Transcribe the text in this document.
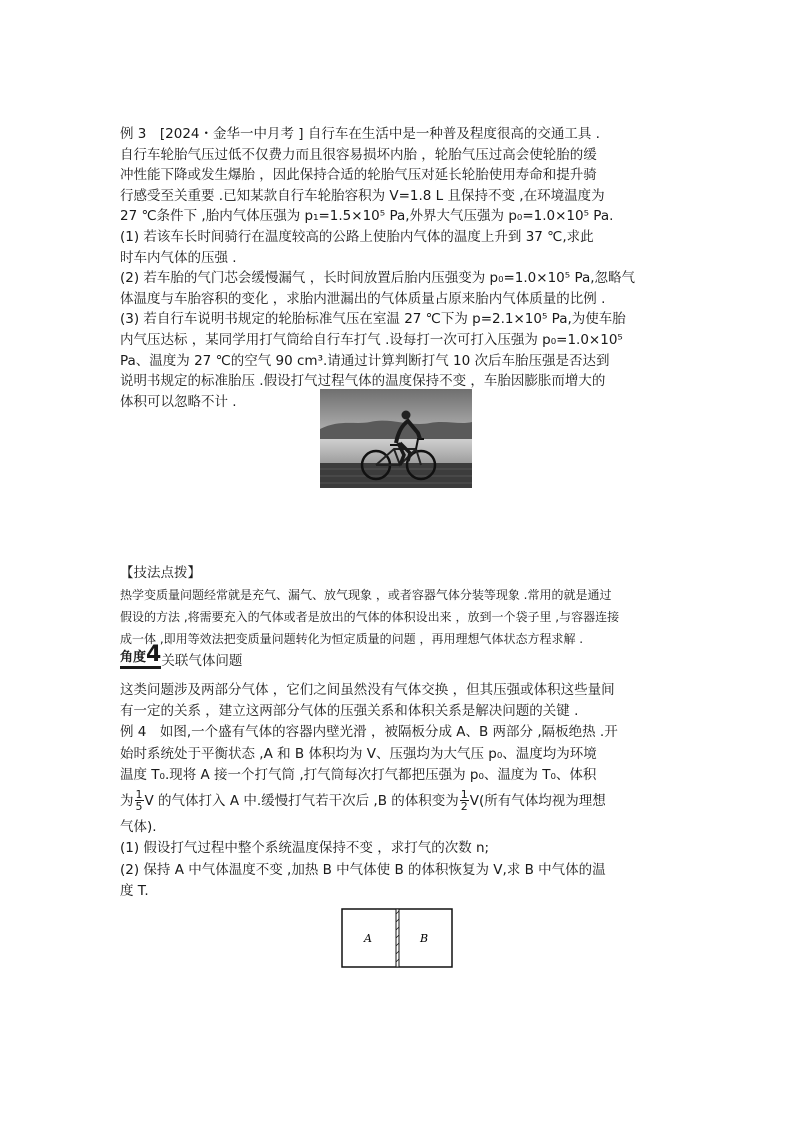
例 3　[2024・金华一中月考 ] 自行车在生活中是一种普及程度很高的交通工具 .

自行车轮胎气压过低不仅费力而且很容易损坏内胎 ，轮胎气压过高会使轮胎的缓

冲性能下降或发生爆胎 ，因此保持合适的轮胎气压对延长轮胎使用寿命和提升骑

行感受至关重要 .已知某款自行车轮胎容积为 V=1.8 L 且保持不变 ,在环境温度为

27 ℃条件下 ,胎内气体压强为 p₁=1.5×10⁵ Pa,外界大气压强为 p₀=1.0×10⁵ Pa.

(1) 若该车长时间骑行在温度较高的公路上使胎内气体的温度上升到 37 ℃,求此

时车内气体的压强 .

(2) 若车胎的气门芯会缓慢漏气 ，长时间放置后胎内压强变为 p₀=1.0×10⁵ Pa,忽略气

体温度与车胎容积的变化 ，求胎内泄漏出的气体质量占原来胎内气体质量的比例 .

(3) 若自行车说明书规定的轮胎标准气压在室温 27 ℃下为 p=2.1×10⁵ Pa,为使车胎

内气压达标 ，某同学用打气筒给自行车打气 .设每打一次可打入压强为 p₀=1.0×10⁵

Pa、温度为 27 ℃的空气 90 cm³.请通过计算判断打气 10 次后车胎压强是否达到

说明书规定的标准胎压 .假设打气过程气体的温度保持不变 ，车胎因膨胀而增大的

体积可以忽略不计 .

【技法点拨】

热学变质量问题经常就是充气、漏气、放气现象 ，或者容器气体分装等现象 .常用的就是通过

假设的方法 ,将需要充入的气体或者是放出的气体的体积设出来 ，放到一个袋子里 ,与容器连接

成一体 ,即用等效法把变质量问题转化为恒定质量的问题 ，再用理想气体状态方程求解 .

角度4关联气体问题

这类问题涉及两部分气体 ，它们之间虽然没有气体交换 ，但其压强或体积这些量间

有一定的关系 ，建立这两部分气体的压强关系和体积关系是解决问题的关键 .

例 4　如图,一个盛有气体的容器内壁光滑 ，被隔板分成 A、B 两部分 ,隔板绝热 .开

始时系统处于平衡状态 ,A 和 B 体积均为 V、压强均为大气压 p₀、温度均为环境

温度 T₀.现将 A 接一个打气筒 ,打气筒每次打气都把压强为 p₀、温度为 T₀、体积

为 $\frac{1}{5}$ V 的气体打入 A 中.缓慢打气若干次后 ,B 的体积变为 $\frac{1}{2} V$(所有气体均视为理想

气体).

(1) 假设打气过程中整个系统温度保持不变 ，求打气的次数 n;

(2) 保持 A 中气体温度不变 ,加热 B 中气体使 B 的体积恢复为 V,求 B 中气体的温

度 T.

A	B
